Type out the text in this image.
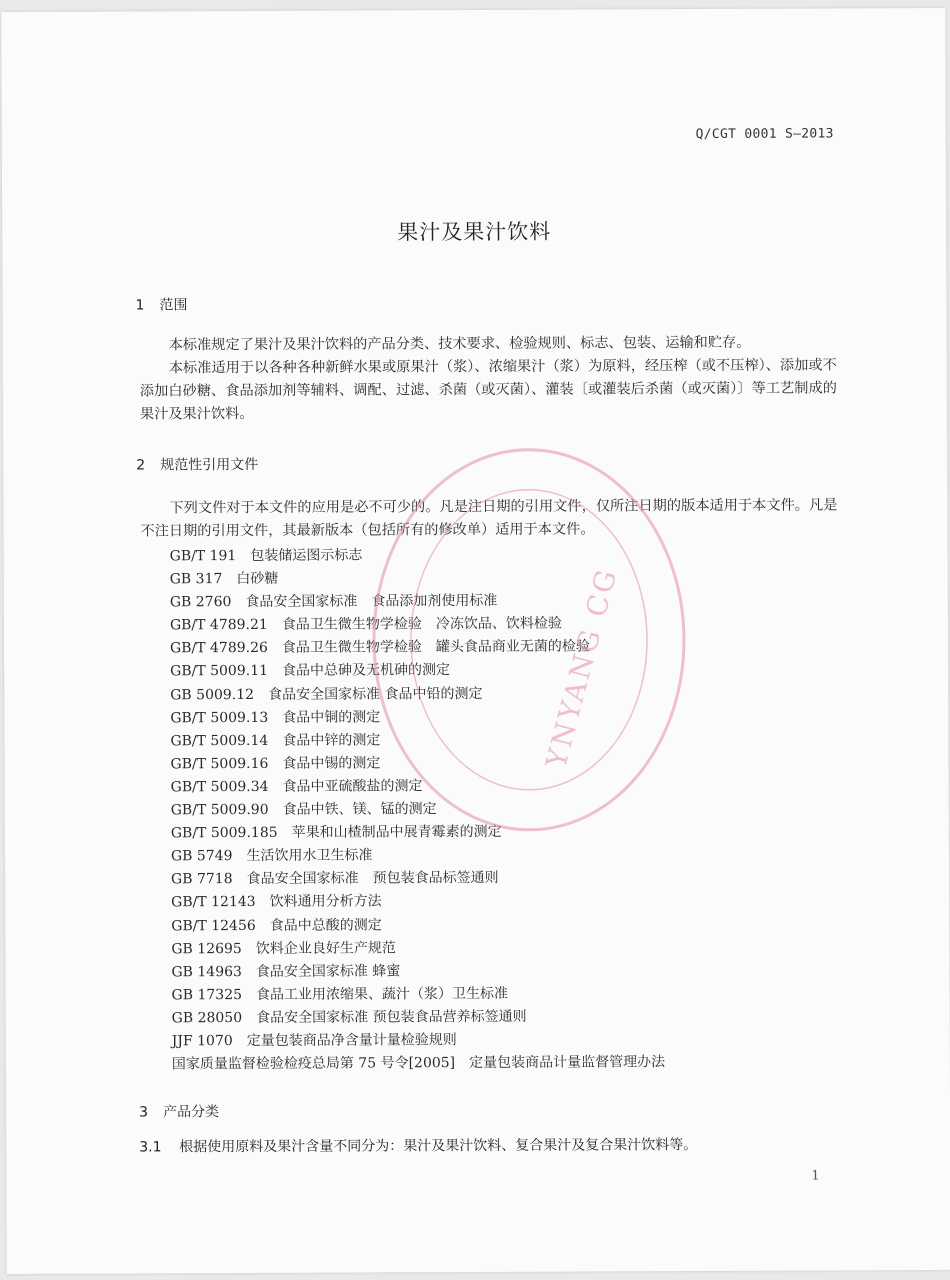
Q/CGT 0001 S—2013
果汁及果汁饮料
1 范围
本标准规定了果汁及果汁饮料的产品分类、技术要求、检验规则、标志、包装、运输和贮存。
本标准适用于以各种各种新鲜水果或原果汁（浆）、浓缩果汁（浆）为原料，经压榨（或不压榨）、添加或不添加白砂糖、食品添加剂等辅料、调配、过滤、杀菌（或灭菌）、灌装〔或灌装后杀菌（或灭菌）〕等工艺制成的果汁及果汁饮料。
2 规范性引用文件
下列文件对于本文件的应用是必不可少的。凡是注日期的引用文件，仅所注日期的版本适用于本文件。凡是不注日期的引用文件，其最新版本（包括所有的修改单）适用于本文件。
GB/T 191 包装储运图示标志
GB 317 白砂糖
GB 2760 食品安全国家标准　食品添加剂使用标准
GB/T 4789.21 食品卫生微生物学检验　冷冻饮品、饮料检验
GB/T 4789.26 食品卫生微生物学检验　罐头食品商业无菌的检验
GB/T 5009.11 食品中总砷及无机砷的测定
GB 5009.12 食品安全国家标准 食品中铅的测定
GB/T 5009.13 食品中铜的测定
GB/T 5009.14 食品中锌的测定
GB/T 5009.16 食品中锡的测定
GB/T 5009.34 食品中亚硫酸盐的测定
GB/T 5009.90 食品中铁、镁、锰的测定
GB/T 5009.185 苹果和山楂制品中展青霉素的测定
GB 5749 生活饮用水卫生标准
GB 7718 食品安全国家标准　预包装食品标签通则
GB/T 12143 饮料通用分析方法
GB/T 12456 食品中总酸的测定
GB 12695 饮料企业良好生产规范
GB 14963 食品安全国家标准 蜂蜜
GB 17325 食品工业用浓缩果、蔬汁（浆）卫生标准
GB 28050 食品安全国家标准 预包装食品营养标签通则
JJF 1070 定量包装商品净含量计量检验规则
国家质量监督检验检疫总局第 75 号令[2005] 定量包装商品计量监督管理办法
3 产品分类
3.1 根据使用原料及果汁含量不同分为：果汁及果汁饮料、复合果汁及复合果汁饮料等。
1
YNYANG CG
